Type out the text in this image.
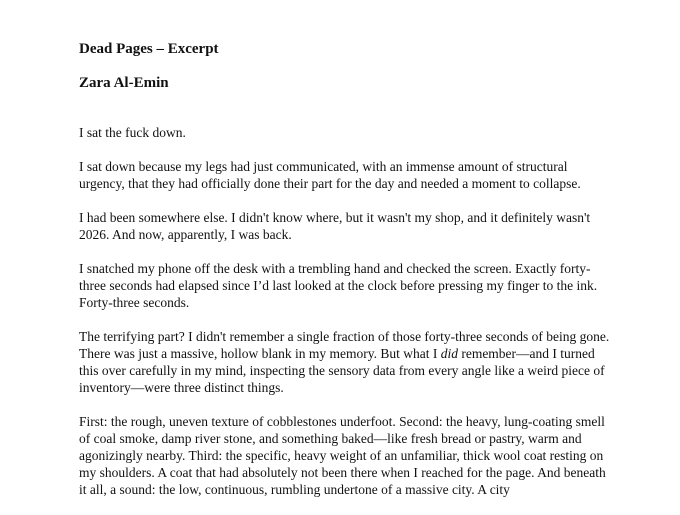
Dead Pages – Excerpt

Zara Al-Emin

I sat the fuck down.

I sat down because my legs had just communicated, with an immense amount of structural urgency, that they had officially done their part for the day and needed a moment to collapse.

I had been somewhere else. I didn't know where, but it wasn't my shop, and it definitely wasn't 2026. And now, apparently, I was back.

I snatched my phone off the desk with a trembling hand and checked the screen. Exactly forty-three seconds had elapsed since I’d last looked at the clock before pressing my finger to the ink. Forty-three seconds.

The terrifying part? I didn't remember a single fraction of those forty-three seconds of being gone. There was just a massive, hollow blank in my memory. But what I did remember—and I turned this over carefully in my mind, inspecting the sensory data from every angle like a weird piece of inventory—were three distinct things.

First: the rough, uneven texture of cobblestones underfoot. Second: the heavy, lung-coating smell of coal smoke, damp river stone, and something baked—like fresh bread or pastry, warm and agonizingly nearby. Third: the specific, heavy weight of an unfamiliar, thick wool coat resting on my shoulders. A coat that had absolutely not been there when I reached for the page. And beneath it all, a sound: the low, continuous, rumbling undertone of a massive city. A city
